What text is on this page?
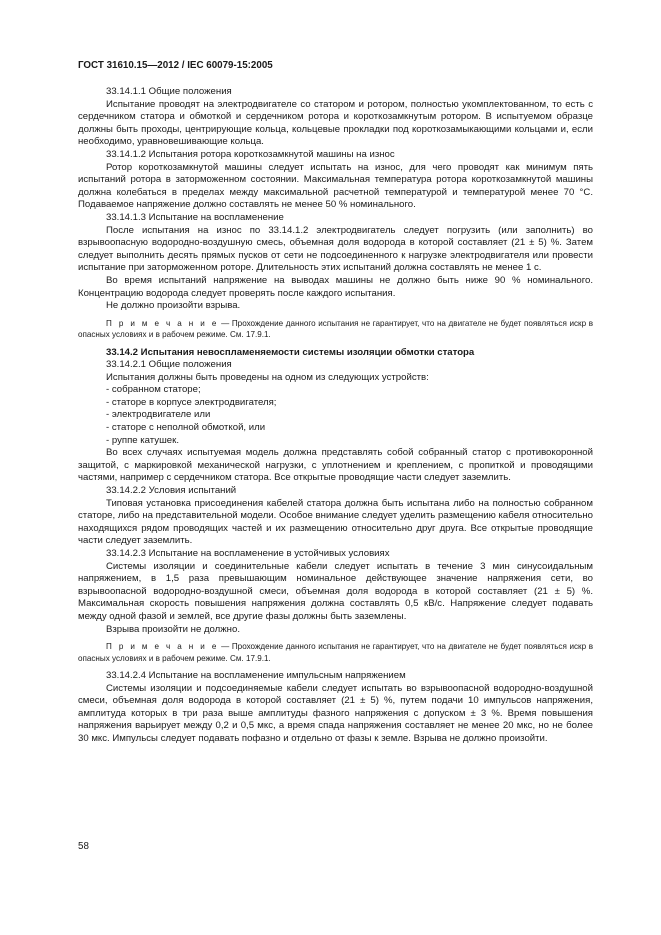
ГОСТ 31610.15—2012 / IEC 60079-15:2005

33.14.1.1 Общие положения

Испытание проводят на электродвигателе со статором и ротором, полностью укомплектованном, то есть с сердечником статора и обмоткой и сердечником ротора и короткозамкнутым ротором. В испытуемом образце должны быть проходы, центрирующие кольца, кольцевые прокладки под короткозамыкающими кольцами и, если необходимо, уравновешивающие кольца.

33.14.1.2 Испытания ротора короткозамкнутой машины на износ

Ротор короткозамкнутой машины следует испытать на износ, для чего проводят как минимум пять испытаний ротора в заторможенном состоянии. Максимальная температура ротора короткозамкнутой машины должна колебаться в пределах между максимальной расчетной температурой и температурой менее 70 °С. Подаваемое напряжение должно составлять не менее 50 % номинального.

33.14.1.3 Испытание на воспламенение

После испытания на износ по 33.14.1.2 электродвигатель следует погрузить (или заполнить) во взрывоопасную водородно-воздушную смесь, объемная доля водорода в которой составляет (21 ± 5) %. Затем следует выполнить десять прямых пусков от сети не подсоединенного к нагрузке электродвигателя или провести испытание при заторможенном роторе. Длительность этих испытаний должна составлять не менее 1 с.

Во время испытаний напряжение на выводах машины не должно быть ниже 90 % номинального. Концентрацию водорода следует проверять после каждого испытания.

Не должно произойти взрыва.

П р и м е ч а н и е — Прохождение данного испытания не гарантирует, что на двигателе не будет появляться искр в опасных условиях и в рабочем режиме. См. 17.9.1.

33.14.2 Испытания невоспламеняемости системы изоляции обмотки статора

33.14.2.1 Общие положения

Испытания должны быть проведены на одном из следующих устройств:

- собранном статоре;

- статоре в корпусе электродвигателя;

- электродвигателе или

- статоре с неполной обмоткой, или

- руппе катушек.

Во всех случаях испытуемая модель должна представлять собой собранный статор с противокоронной защитой, с маркировкой механической нагрузки, с уплотнением и креплением, с пропиткой и проводящими частями, например с сердечником статора. Все открытые проводящие части следует заземлить.

33.14.2.2 Условия испытаний

Типовая установка присоединения кабелей статора должна быть испытана либо на полностью собранном статоре, либо на представительной модели. Особое внимание следует уделить размещению кабеля относительно находящихся рядом проводящих частей и их размещению относительно друг друга. Все открытые проводящие части следует заземлить.

33.14.2.3 Испытание на воспламенение в устойчивых условиях

Системы изоляции и соединительные кабели следует испытать в течение 3 мин синусоидальным напряжением, в 1,5 раза превышающим номинальное действующее значение напряжения сети, во взрывоопасной водородно-воздушной смеси, объемная доля водорода в которой составляет (21 ± 5) %. Максимальная скорость повышения напряжения должна составлять 0,5 кВ/с. Напряжение следует подавать между одной фазой и землей, все другие фазы должны быть заземлены.

Взрыва произойти не должно.

П р и м е ч а н и е — Прохождение данного испытания не гарантирует, что на двигателе не будет появляться искр в опасных условиях и в рабочем режиме. См. 17.9.1.

33.14.2.4 Испытание на воспламенение импульсным напряжением

Системы изоляции и подсоединяемые кабели следует испытать во взрывоопасной водородно-воздушной смеси, объемная доля водорода в которой составляет (21 ± 5) %, путем подачи 10 импульсов напряжения, амплитуда которых в три раза выше амплитуды фазного напряжения с допуском ± 3 %. Время повышения напряжения варьирует между 0,2 и 0,5 мкс, а время спада напряжения составляет не менее 20 мкс, но не более 30 мкс. Импульсы следует подавать пофазно и отдельно от фазы к земле. Взрыва не должно произойти.

58
